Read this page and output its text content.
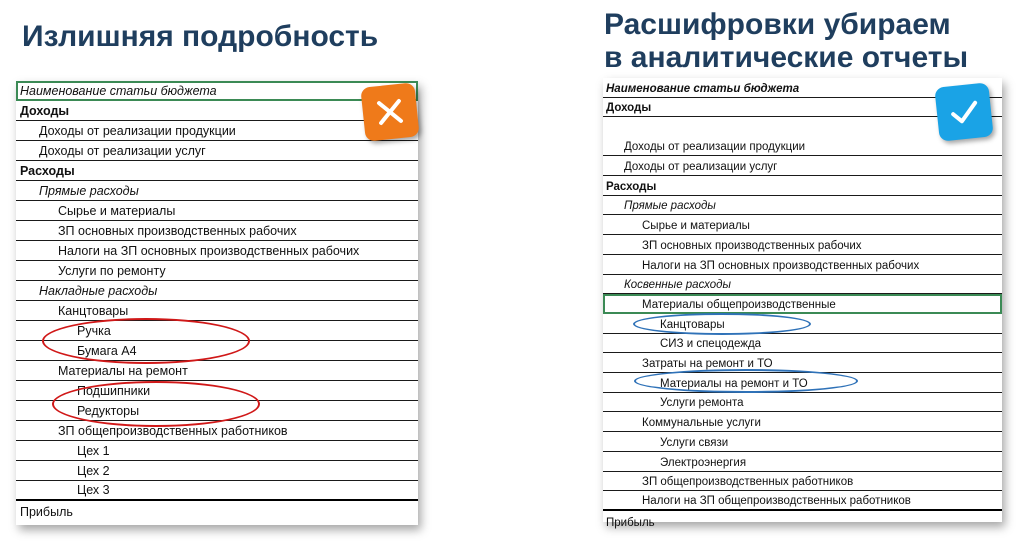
Излишняя подробность	Расшифровки убираем
в аналитические отчеты
Наименование статьи бюджета
Доходы
Доходы от реализации продукции
Доходы от реализации услуг
Расходы
Прямые расходы
Сырье и материалы
ЗП основных производственных рабочих
Налоги на ЗП основных производственных рабочих
Услуги по ремонту
Накладные расходы
Канцтовары
Ручка
Бумага А4
Материалы на ремонт
Подшипники
Редукторы
ЗП общепроизводственных работников
Цех 1
Цех 2
Цех 3
Прибыль
Наименование статьи бюджета
Доходы
Доходы от реализации продукции
Доходы от реализации услуг
Расходы
Прямые расходы
Сырье и материалы
ЗП основных производственных рабочих
Налоги на ЗП основных производственных рабочих
Косвенные расходы
Материалы общепроизводственные
Канцтовары
СИЗ и спецодежда
Затраты на ремонт и ТО
Материалы на ремонт и ТО
Услуги ремонта
Коммунальные услуги
Услуги связи
Электроэнергия
ЗП общепроизводственных работников
Налоги на ЗП общепроизводственных работников
Прибыль
